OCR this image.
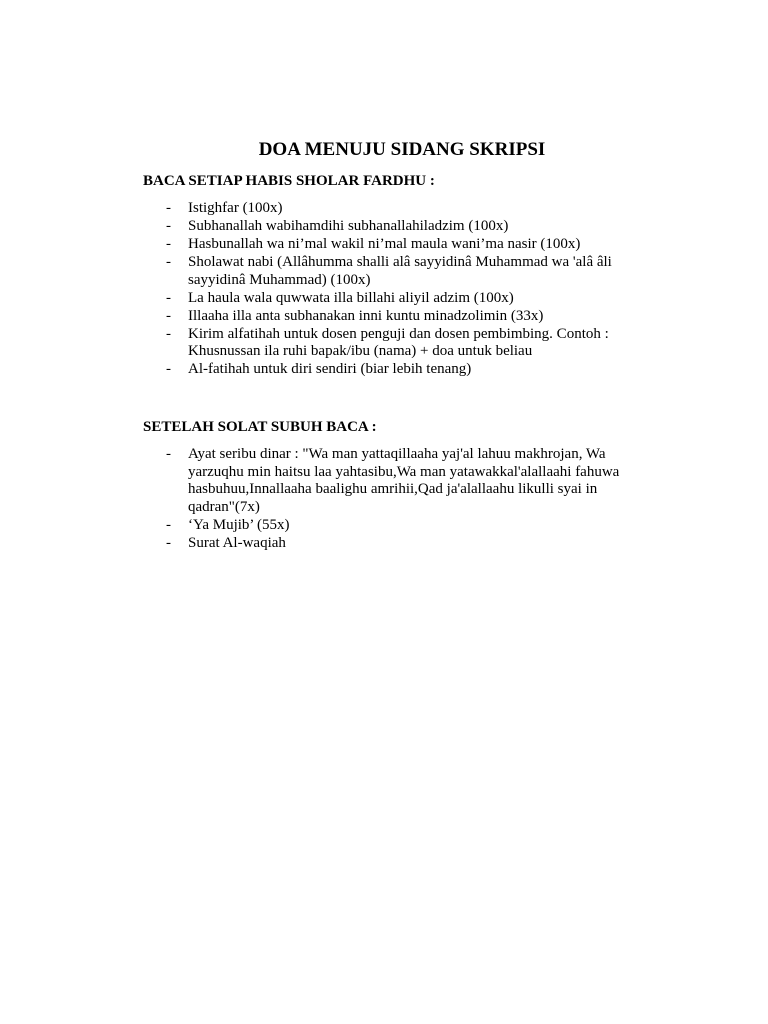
DOA MENUJU SIDANG SKRIPSI
BACA SETIAP HABIS SHOLAR FARDHU :
- Istighfar (100x)
- Subhanallah wabihamdihi subhanallahiladzim (100x)
- Hasbunallah wa ni’mal wakil ni’mal maula wani’ma nasir (100x)
- Sholawat nabi (Allâhumma shalli alâ sayyidinâ Muhammad wa 'alâ âli sayyidinâ Muhammad) (100x)
- La haula wala quwwata illa billahi aliyil adzim (100x)
- Illaaha illa anta subhanakan inni kuntu minadzolimin (33x)
- Kirim alfatihah untuk dosen penguji dan dosen pembimbing. Contoh : Khusnussan ila ruhi bapak/ibu (nama) + doa untuk beliau
- Al-fatihah untuk diri sendiri (biar lebih tenang)
SETELAH SOLAT SUBUH BACA :
- Ayat seribu dinar : "Wa man yattaqillaaha yaj'al lahuu makhrojan, Wa yarzuqhu min haitsu laa yahtasibu,Wa man yatawakkal'alallaahi fahuwa hasbuhuu,Innallaaha baalighu amrihii,Qad ja'alallaahu likulli syai in qadran"(7x)
- ‘Ya Mujib’ (55x)
- Surat Al-waqiah
